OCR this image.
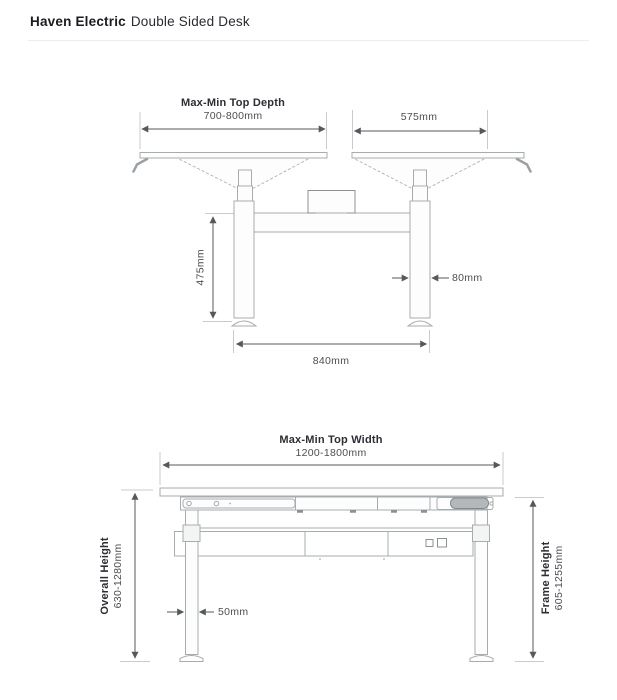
Haven Electric Double Sided Desk
Max-Min Top Depth
700-800mm	575mm
475mm	80mm
840mm
Max-Min Top Width
1200-1800mm
Overall Height 630-1280mm	Frame Height 605-1255mm
50mm
